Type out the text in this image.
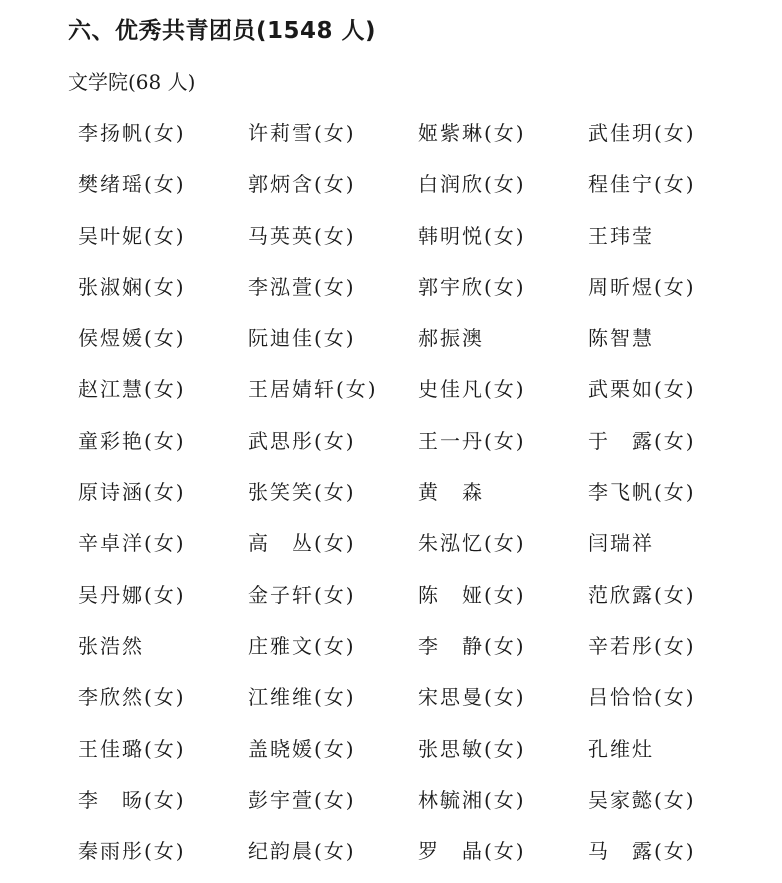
六、优秀共青团员(1548 人)
文学院(68 人)
李扬帆(女)	许莉雪(女)	姬紫琳(女)	武佳玥(女)
樊绪瑶(女)	郭炳含(女)	白润欣(女)	程佳宁(女)
吴叶妮(女)	马英英(女)	韩明悦(女)	王玮莹
张淑娴(女)	李泓萱(女)	郭宇欣(女)	周昕煜(女)
侯煜媛(女)	阮迪佳(女)	郝振澳	陈智慧
赵江慧(女)	王居婧轩(女)	史佳凡(女)	武栗如(女)
童彩艳(女)	武思彤(女)	王一丹(女)	于　露(女)
原诗涵(女)	张笑笑(女)	黄　森	李飞帆(女)
辛卓洋(女)	高　丛(女)	朱泓忆(女)	闫瑞祥
吴丹娜(女)	金子轩(女)	陈　娅(女)	范欣露(女)
张浩然	庄雅文(女)	李　静(女)	辛若彤(女)
李欣然(女)	江维维(女)	宋思曼(女)	吕恰恰(女)
王佳璐(女)	盖晓媛(女)	张思敏(女)	孔维灶
李　旸(女)	彭宇萱(女)	林毓湘(女)	吴家懿(女)
秦雨彤(女)	纪韵晨(女)	罗　晶(女)	马　露(女)
